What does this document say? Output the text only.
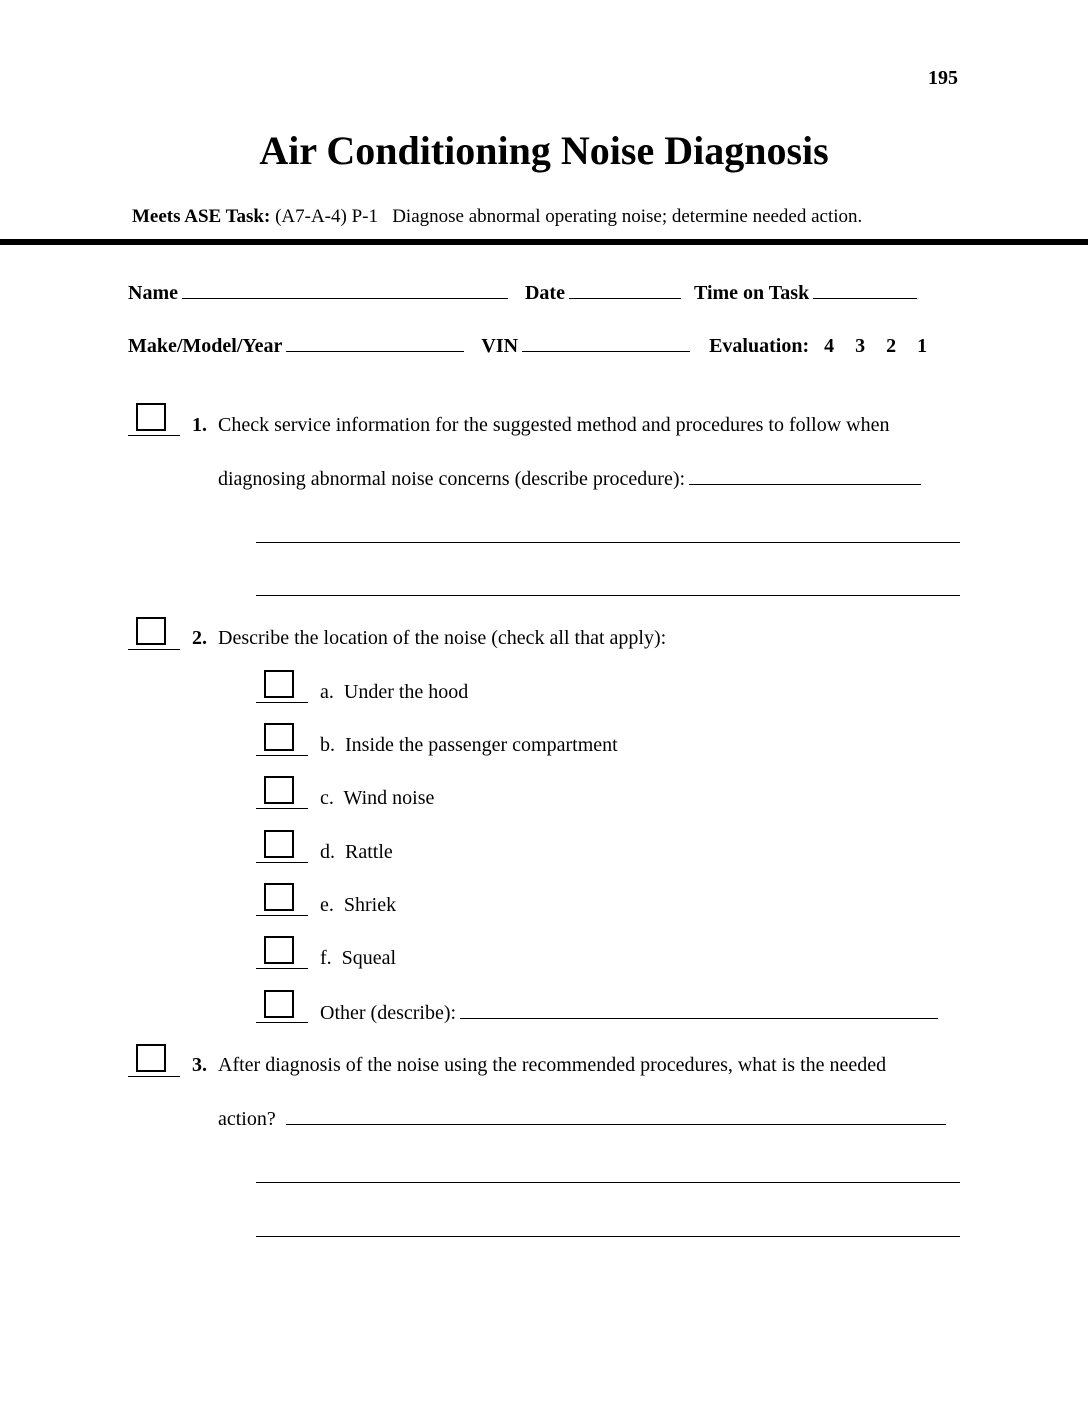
195
Air Conditioning Noise Diagnosis
Meets ASE Task: (A7-A-4) P-1   Diagnose abnormal operating noise; determine needed action.
Name	Date	Time on Task
Make/Model/Year	VIN	Evaluation: 4 3 2 1
1. Check service information for the suggested method and procedures to follow when
diagnosing abnormal noise concerns (describe procedure):
2. Describe the location of the noise (check all that apply):
a. Under the hood
b. Inside the passenger compartment
c. Wind noise
d. Rattle
e. Shriek
f. Squeal
Other (describe):
3. After diagnosis of the noise using the recommended procedures, what is the needed
action?
